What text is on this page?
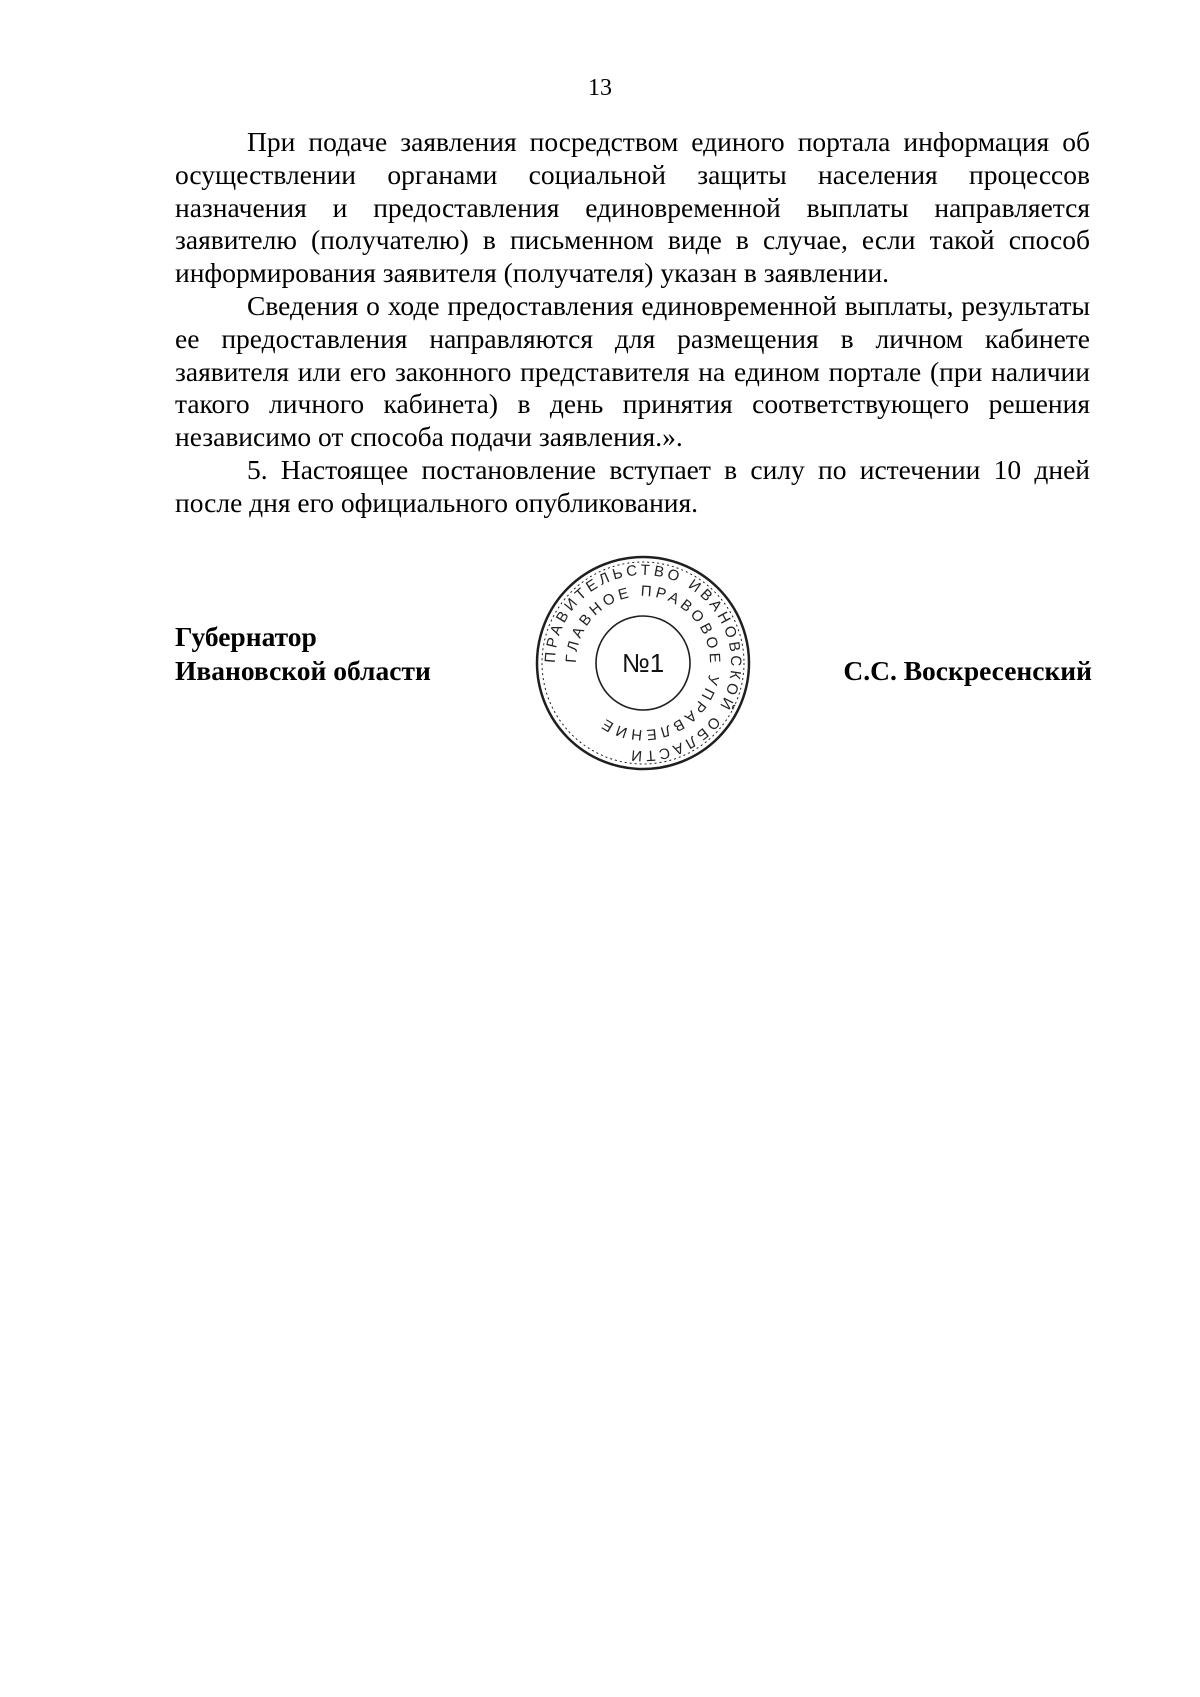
13

При подаче заявления посредством единого портала информация об осуществлении органами социальной защиты населения процессов назначения и предоставления единовременной выплаты направляется заявителю (получателю) в письменном виде в случае, если такой способ информирования заявителя (получателя) указан в заявлении.

Сведения о ходе предоставления единовременной выплаты, результаты ее предоставления направляются для размещения в личном кабинете заявителя или его законного представителя на едином портале (при наличии такого личного кабинета) в день принятия соответствующего решения независимо от способа подачи заявления.».

5. Настоящее постановление вступает в силу по истечении 10 дней после дня его официального опубликования.

Губернатор
Ивановской области	С.С. Воскресенский
ПРАВИТЕЛЬСТВО ИВАНОВСКОЙ ОБЛАСТИ
ГЛАВНОЕ ПРАВОВОЕ УПРАВЛЕНИЕ
№1
